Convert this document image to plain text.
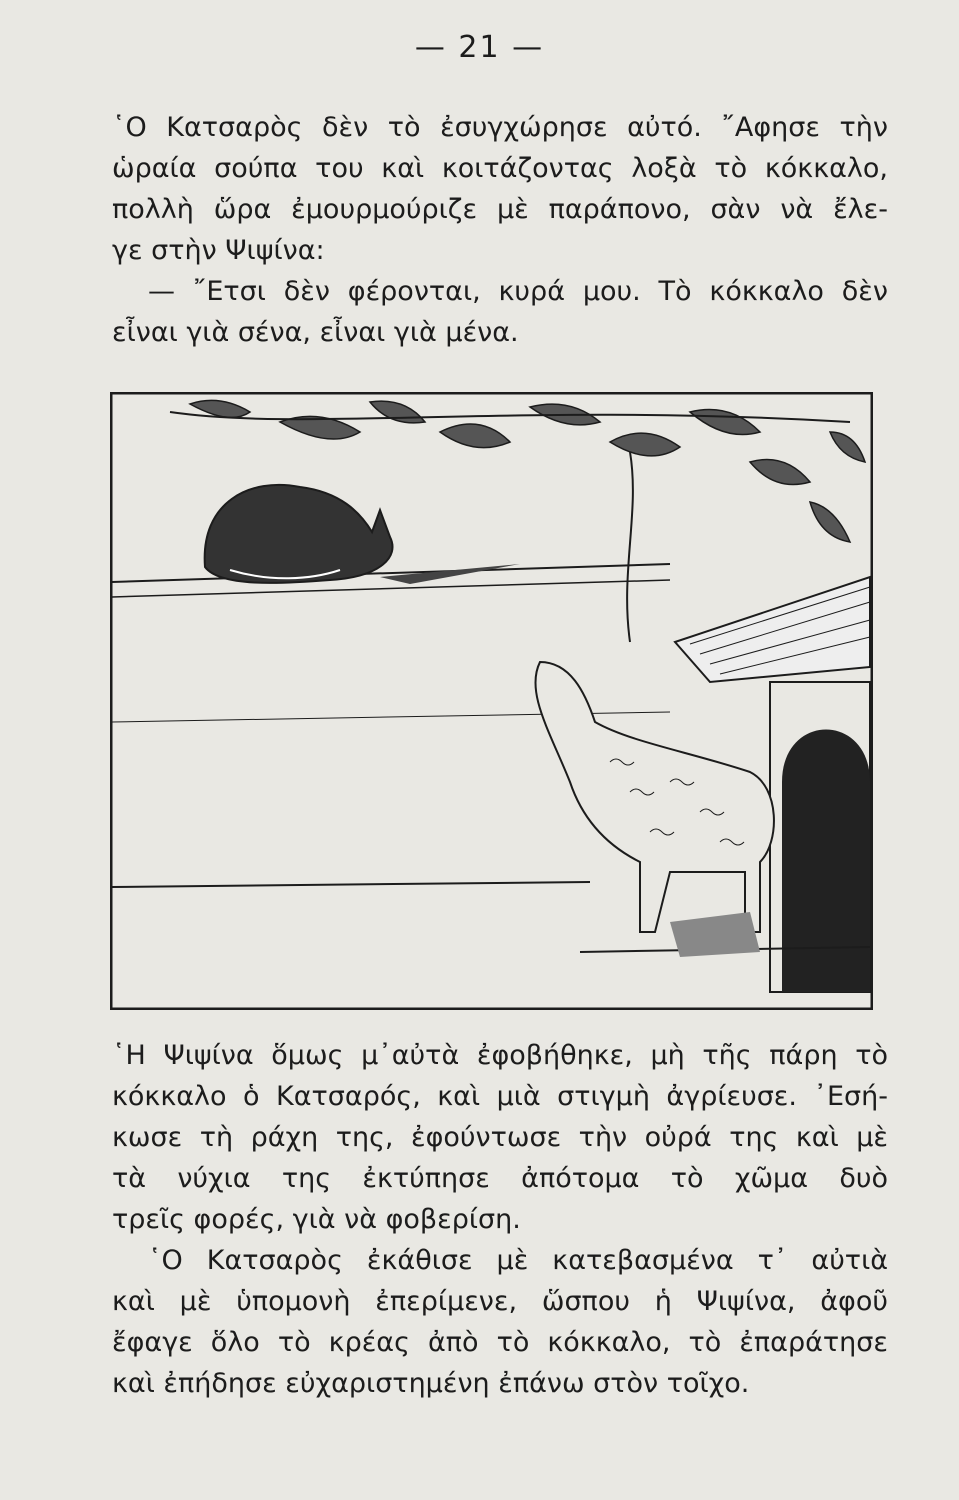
— 21 —
῾Ο Κατσαρὸς δὲν τὸ ἐσυγχώρησε αὐτό. ῎Αφησε τὴν
ὡραία σούπα του καὶ κοιτάζοντας λοξὰ τὸ κόκκαλο,
πολλὴ ὥρα ἐμουρμούριζε μὲ παράπονο, σὰν νὰ ἔλε-
γε στὴν Ψιψίνα:
— ῎Ετσι δὲν φέρονται, κυρά μου. Τὸ κόκκαλο δὲν
εἶναι γιὰ σένα, εἶναι γιὰ μένα.
῾Η Ψιψίνα ὅμως μ᾿αὐτὰ ἐφοβήθηκε, μὴ τῆς πάρη τὸ
κόκκαλο ὁ Κατσαρός, καὶ μιὰ στιγμὴ ἀγρίευσε. ᾿Εσή-
κωσε τὴ ράχη της, ἐφούντωσε τὴν οὐρά της καὶ μὲ
τὰ νύχια της ἐκτύπησε ἀπότομα τὸ χῶμα δυὸ
τρεῖς φορές, γιὰ νὰ φοβερίση.
῾Ο Κατσαρὸς ἐκάθισε μὲ κατεβασμένα τ᾿ αὐτιὰ
καὶ μὲ ὑπομονὴ ἐπερίμενε, ὥσπου ἡ Ψιψίνα, ἀφοῦ
ἔφαγε ὅλο τὸ κρέας ἀπὸ τὸ κόκκαλο, τὸ ἐπαράτησε
καὶ ἐπήδησε εὐχαριστημένη ἐπάνω στὸν τοῖχο.
